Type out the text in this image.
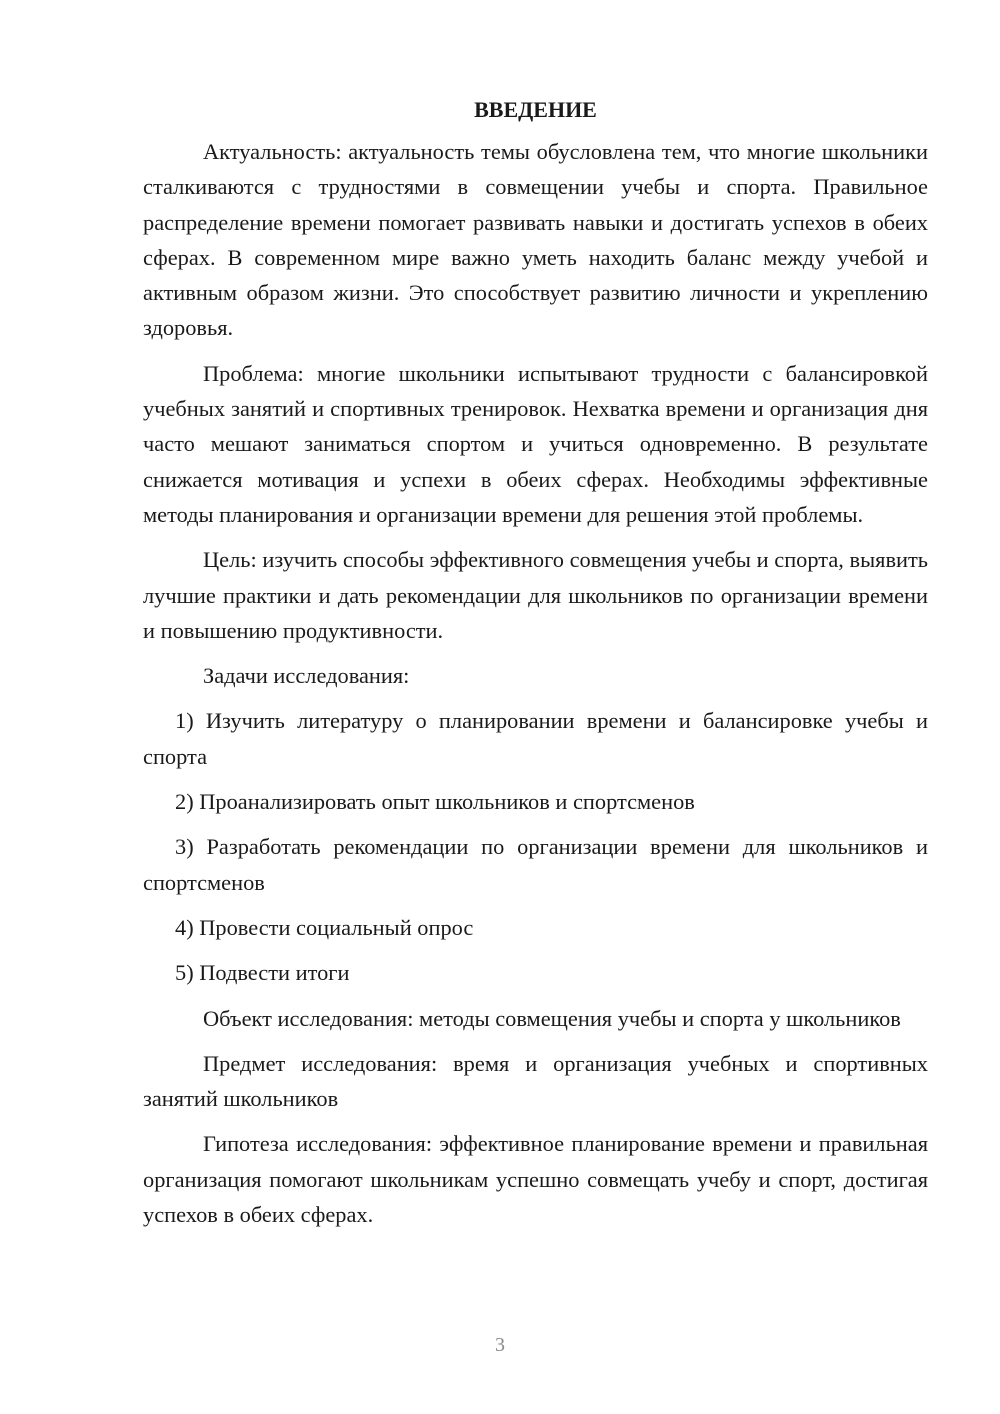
ВВЕДЕНИЕ

Актуальность: актуальность темы обусловлена тем, что многие школьники сталкиваются с трудностями в совмещении учебы и спорта. Правильное распределение времени помогает развивать навыки и достигать успехов в обеих сферах. В современном мире важно уметь находить баланс между учебой и активным образом жизни. Это способствует развитию личности и укреплению здоровья.

Проблема: многие школьники испытывают трудности с балансировкой учебных занятий и спортивных тренировок. Нехватка времени и организация дня часто мешают заниматься спортом и учиться одновременно. В результате снижается мотивация и успехи в обеих сферах. Необходимы эффективные методы планирования и организации времени для решения этой проблемы.

Цель: изучить способы эффективного совмещения учебы и спорта, выявить лучшие практики и дать рекомендации для школьников по организации времени и повышению продуктивности.

Задачи исследования:

1) Изучить литературу о планировании времени и балансировке учебы и спорта

2) Проанализировать опыт школьников и спортсменов

3) Разработать рекомендации по организации времени для школьников и спортсменов

4) Провести социальный опрос

5) Подвести итоги

Объект исследования: методы совмещения учебы и спорта у школьников

Предмет исследования: время и организация учебных и спортивных занятий школьников

Гипотеза исследования: эффективное планирование времени и правильная организация помогают школьникам успешно совмещать учебу и спорт, достигая успехов в обеих сферах.

3
